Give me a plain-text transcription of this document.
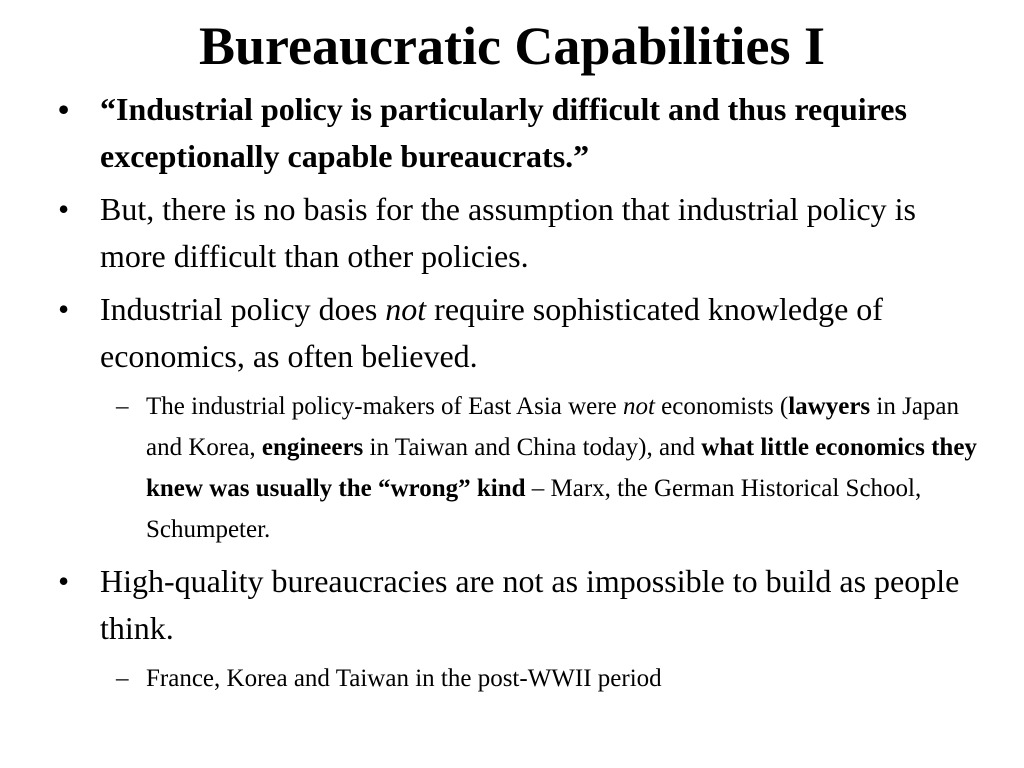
Bureaucratic Capabilities I
• “Industrial policy is particularly difficult and thus requires exceptionally capable bureaucrats.”
• But, there is no basis for the assumption that industrial policy is more difficult than other policies.
• Industrial policy does not require sophisticated knowledge of economics, as often believed.
– The industrial policy-makers of East Asia were not economists (lawyers in Japan and Korea, engineers in Taiwan and China today), and what little economics they knew was usually the “wrong” kind – Marx, the German Historical School, Schumpeter.
• High-quality bureaucracies are not as impossible to build as people think.
– France, Korea and Taiwan in the post-WWII period
